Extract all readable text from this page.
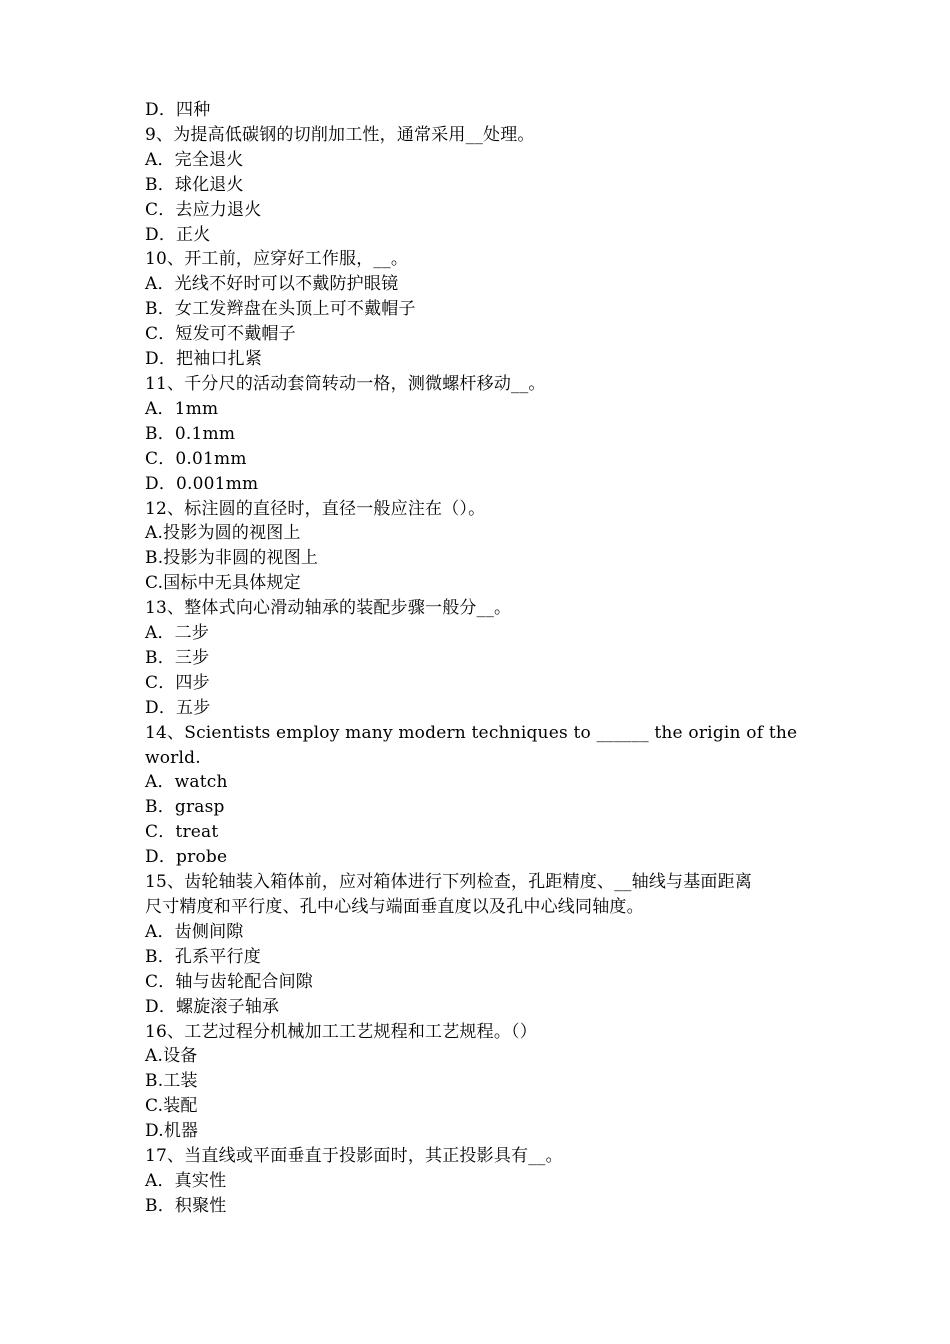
D．四种
9、为提高低碳钢的切削加工性，通常采用__处理。
A．完全退火
B．球化退火
C．去应力退火
D．正火
10、开工前，应穿好工作服，__。
A．光线不好时可以不戴防护眼镜
B．女工发辫盘在头顶上可不戴帽子
C．短发可不戴帽子
D．把袖口扎紧
11、千分尺的活动套筒转动一格，测微螺杆移动__。
A．1mm
B．0.1mm
C．0.01mm
D．0.001mm
12、标注圆的直径时，直径一般应注在（）。
A.投影为圆的视图上
B.投影为非圆的视图上
C.国标中无具体规定
13、整体式向心滑动轴承的装配步骤一般分__。
A．二步
B．三步
C．四步
D．五步
14、Scientists employ many modern techniques to ______ the origin of the world.
A．watch
B．grasp
C．treat
D．probe
15、齿轮轴装入箱体前，应对箱体进行下列检查，孔距精度、__轴线与基面距离
尺寸精度和平行度、孔中心线与端面垂直度以及孔中心线同轴度。
A．齿侧间隙
B．孔系平行度
C．轴与齿轮配合间隙
D．螺旋滚子轴承
16、工艺过程分机械加工工艺规程和工艺规程。（）
A.设备
B.工装
C.装配
D.机器
17、当直线或平面垂直于投影面时，其正投影具有__。
A．真实性
B．积聚性
